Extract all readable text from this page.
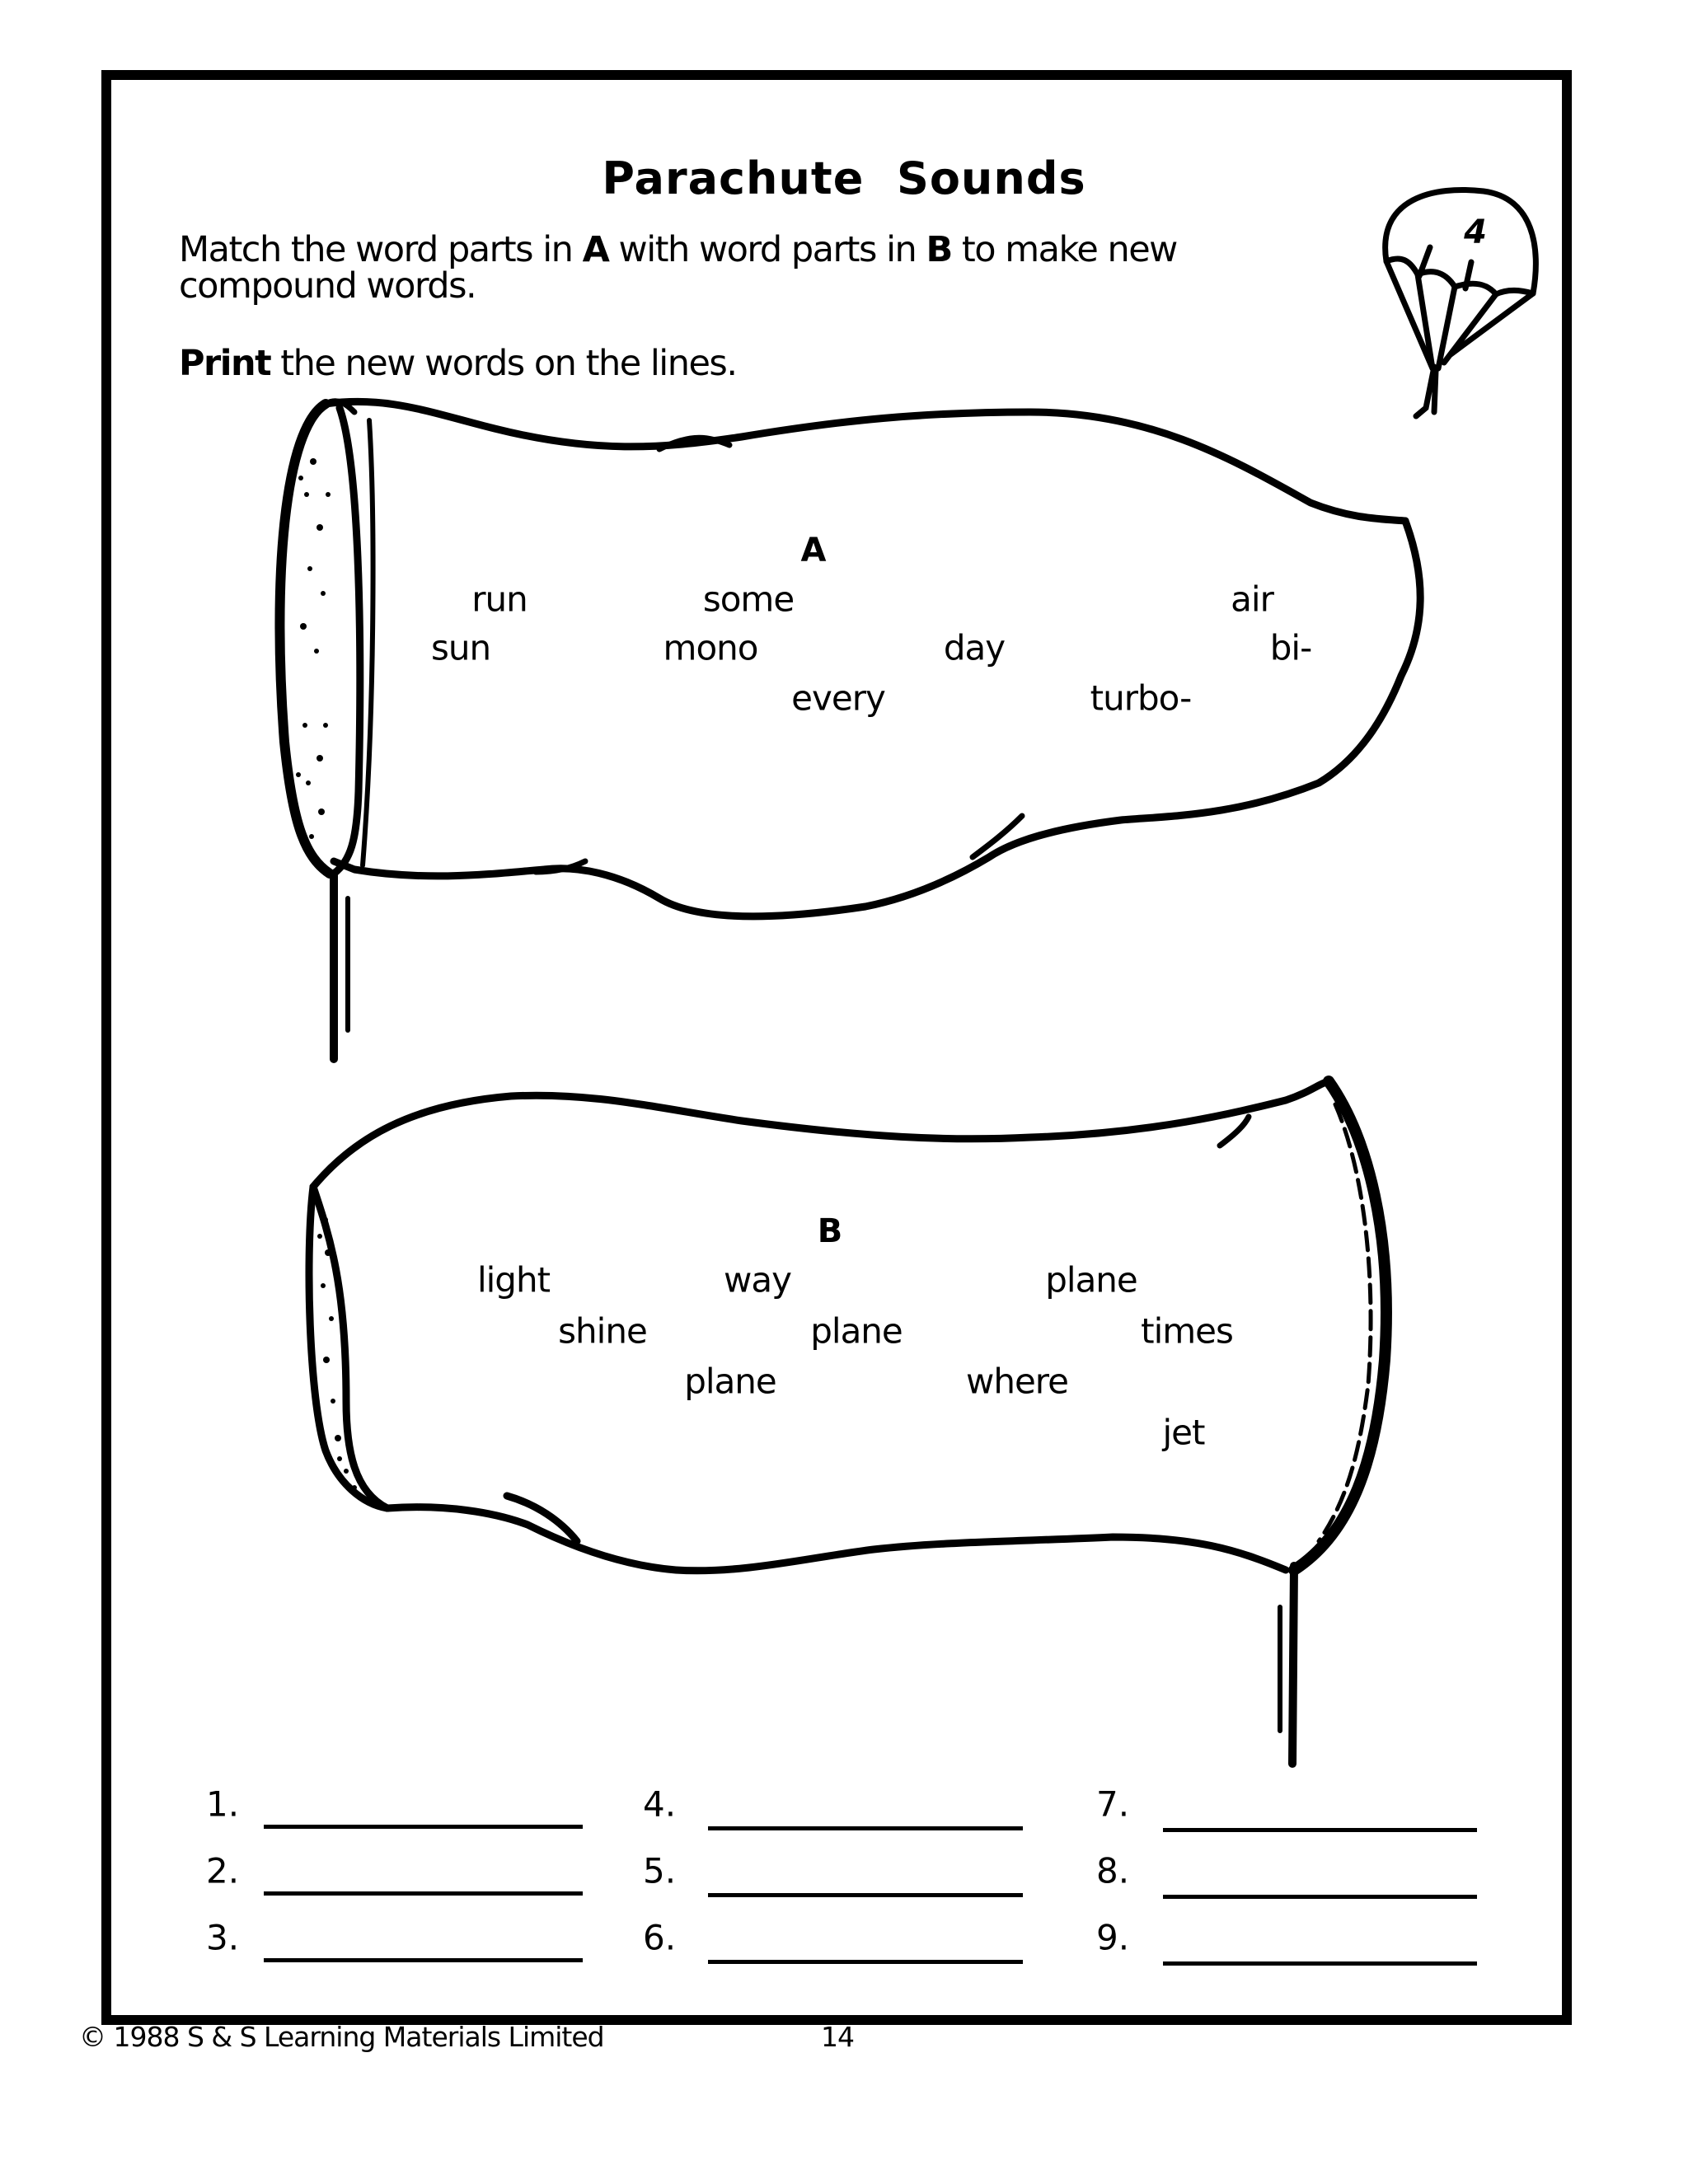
4
Parachute  Sounds
Match the word parts in A with word parts in B to make new
compound words.
Print the new words on the lines.
A
run	some	air
sun	mono	day	bi-
every	turbo-
B
light	way	plane
shine	plane	times
plane	where
jet
1.
2.
3.
4.
5.
6.
7.
8.
9.
© 1988 S & S Learning Materials Limited	14
